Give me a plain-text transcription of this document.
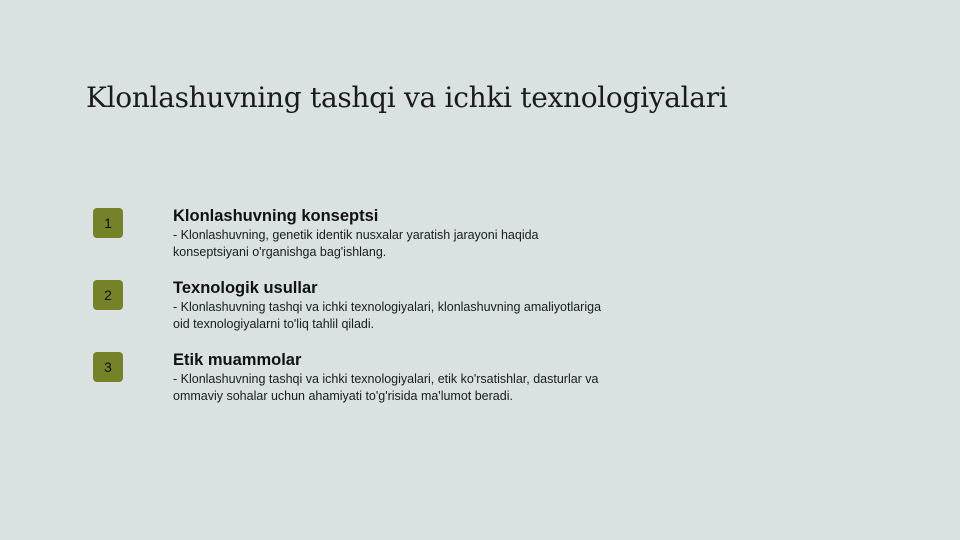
Klonlashuvning tashqi va ichki texnologiyalari
1	Klonlashuvning konseptsi
- Klonlashuvning, genetik identik nusxalar yaratish jarayoni haqida
konseptsiyani o'rganishga bag'ishlang.
2	Texnologik usullar
- Klonlashuvning tashqi va ichki texnologiyalari, klonlashuvning amaliyotlariga
oid texnologiyalarni to'liq tahlil qiladi.
3	Etik muammolar
- Klonlashuvning tashqi va ichki texnologiyalari, etik ko'rsatishlar, dasturlar va
ommaviy sohalar uchun ahamiyati to'g'risida ma'lumot beradi.
